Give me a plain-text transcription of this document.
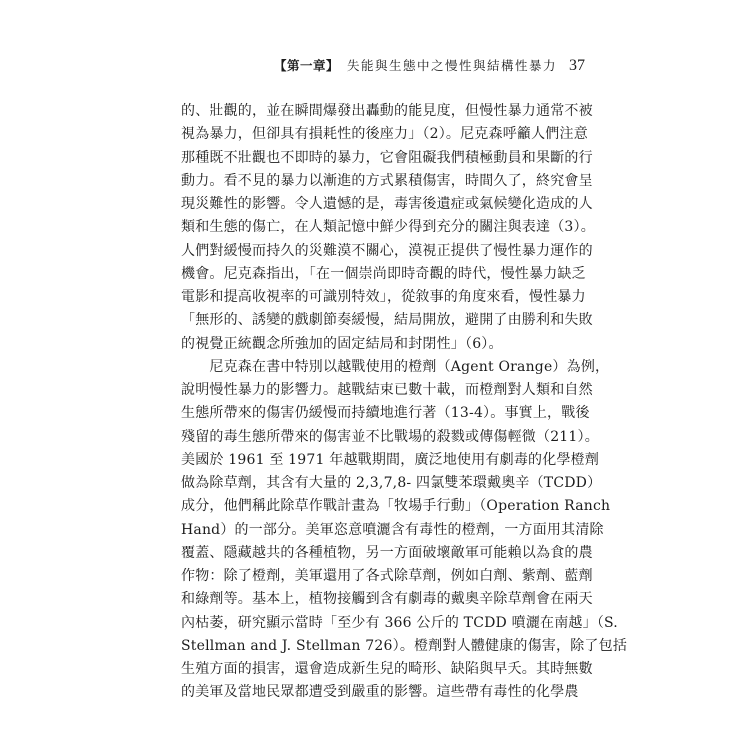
【第一章】 失能與生態中之慢性與結構性暴力 37
的、壯觀的，並在瞬間爆發出轟動的能見度，但慢性暴力通常不被
視為暴力，但卻具有損耗性的後座力」（2）。尼克森呼籲人們注意
那種既不壯觀也不即時的暴力，它會阻礙我們積極動員和果斷的行
動力。看不見的暴力以漸進的方式累積傷害，時間久了，終究會呈
現災難性的影響。令人遺憾的是，毒害後遺症或氣候變化造成的人
類和生態的傷亡，在人類記憶中鮮少得到充分的關注與表達（3）。
人們對緩慢而持久的災難漠不關心，漠視正提供了慢性暴力運作的
機會。尼克森指出，「在一個崇尚即時奇觀的時代，慢性暴力缺乏
電影和提高收視率的可識別特效」，從敘事的角度來看，慢性暴力
「無形的、誘變的戲劇節奏緩慢，結局開放，避開了由勝利和失敗
的視覺正統觀念所強加的固定結局和封閉性」（6）。
　　尼克森在書中特別以越戰使用的橙劑（Agent Orange）為例，
說明慢性暴力的影響力。越戰結束已數十載，而橙劑對人類和自然
生態所帶來的傷害仍緩慢而持續地進行著（13-4）。事實上，戰後
殘留的毒生態所帶來的傷害並不比戰場的殺戮或傳傷輕微（211）。
美國於 1961 至 1971 年越戰期間，廣泛地使用有劇毒的化學橙劑
做為除草劑，其含有大量的 2,3,7,8- 四氯雙苯環戴奧辛（TCDD）
成分，他們稱此除草作戰計畫為「牧場手行動」（Operation Ranch
Hand）的一部分。美軍恣意噴灑含有毒性的橙劑，一方面用其清除
覆蓋、隱藏越共的各種植物，另一方面破壞敵軍可能賴以為食的農
作物：除了橙劑，美軍還用了各式除草劑，例如白劑、紫劑、藍劑
和綠劑等。基本上，植物接觸到含有劇毒的戴奧辛除草劑會在兩天
內枯萎，研究顯示當時「至少有 366 公斤的 TCDD 噴灑在南越」（S.
Stellman and J. Stellman 726）。橙劑對人體健康的傷害，除了包括
生殖方面的損害，還會造成新生兒的畸形、缺陷與早夭。其時無數
的美軍及當地民眾都遭受到嚴重的影響。這些帶有毒性的化學農
